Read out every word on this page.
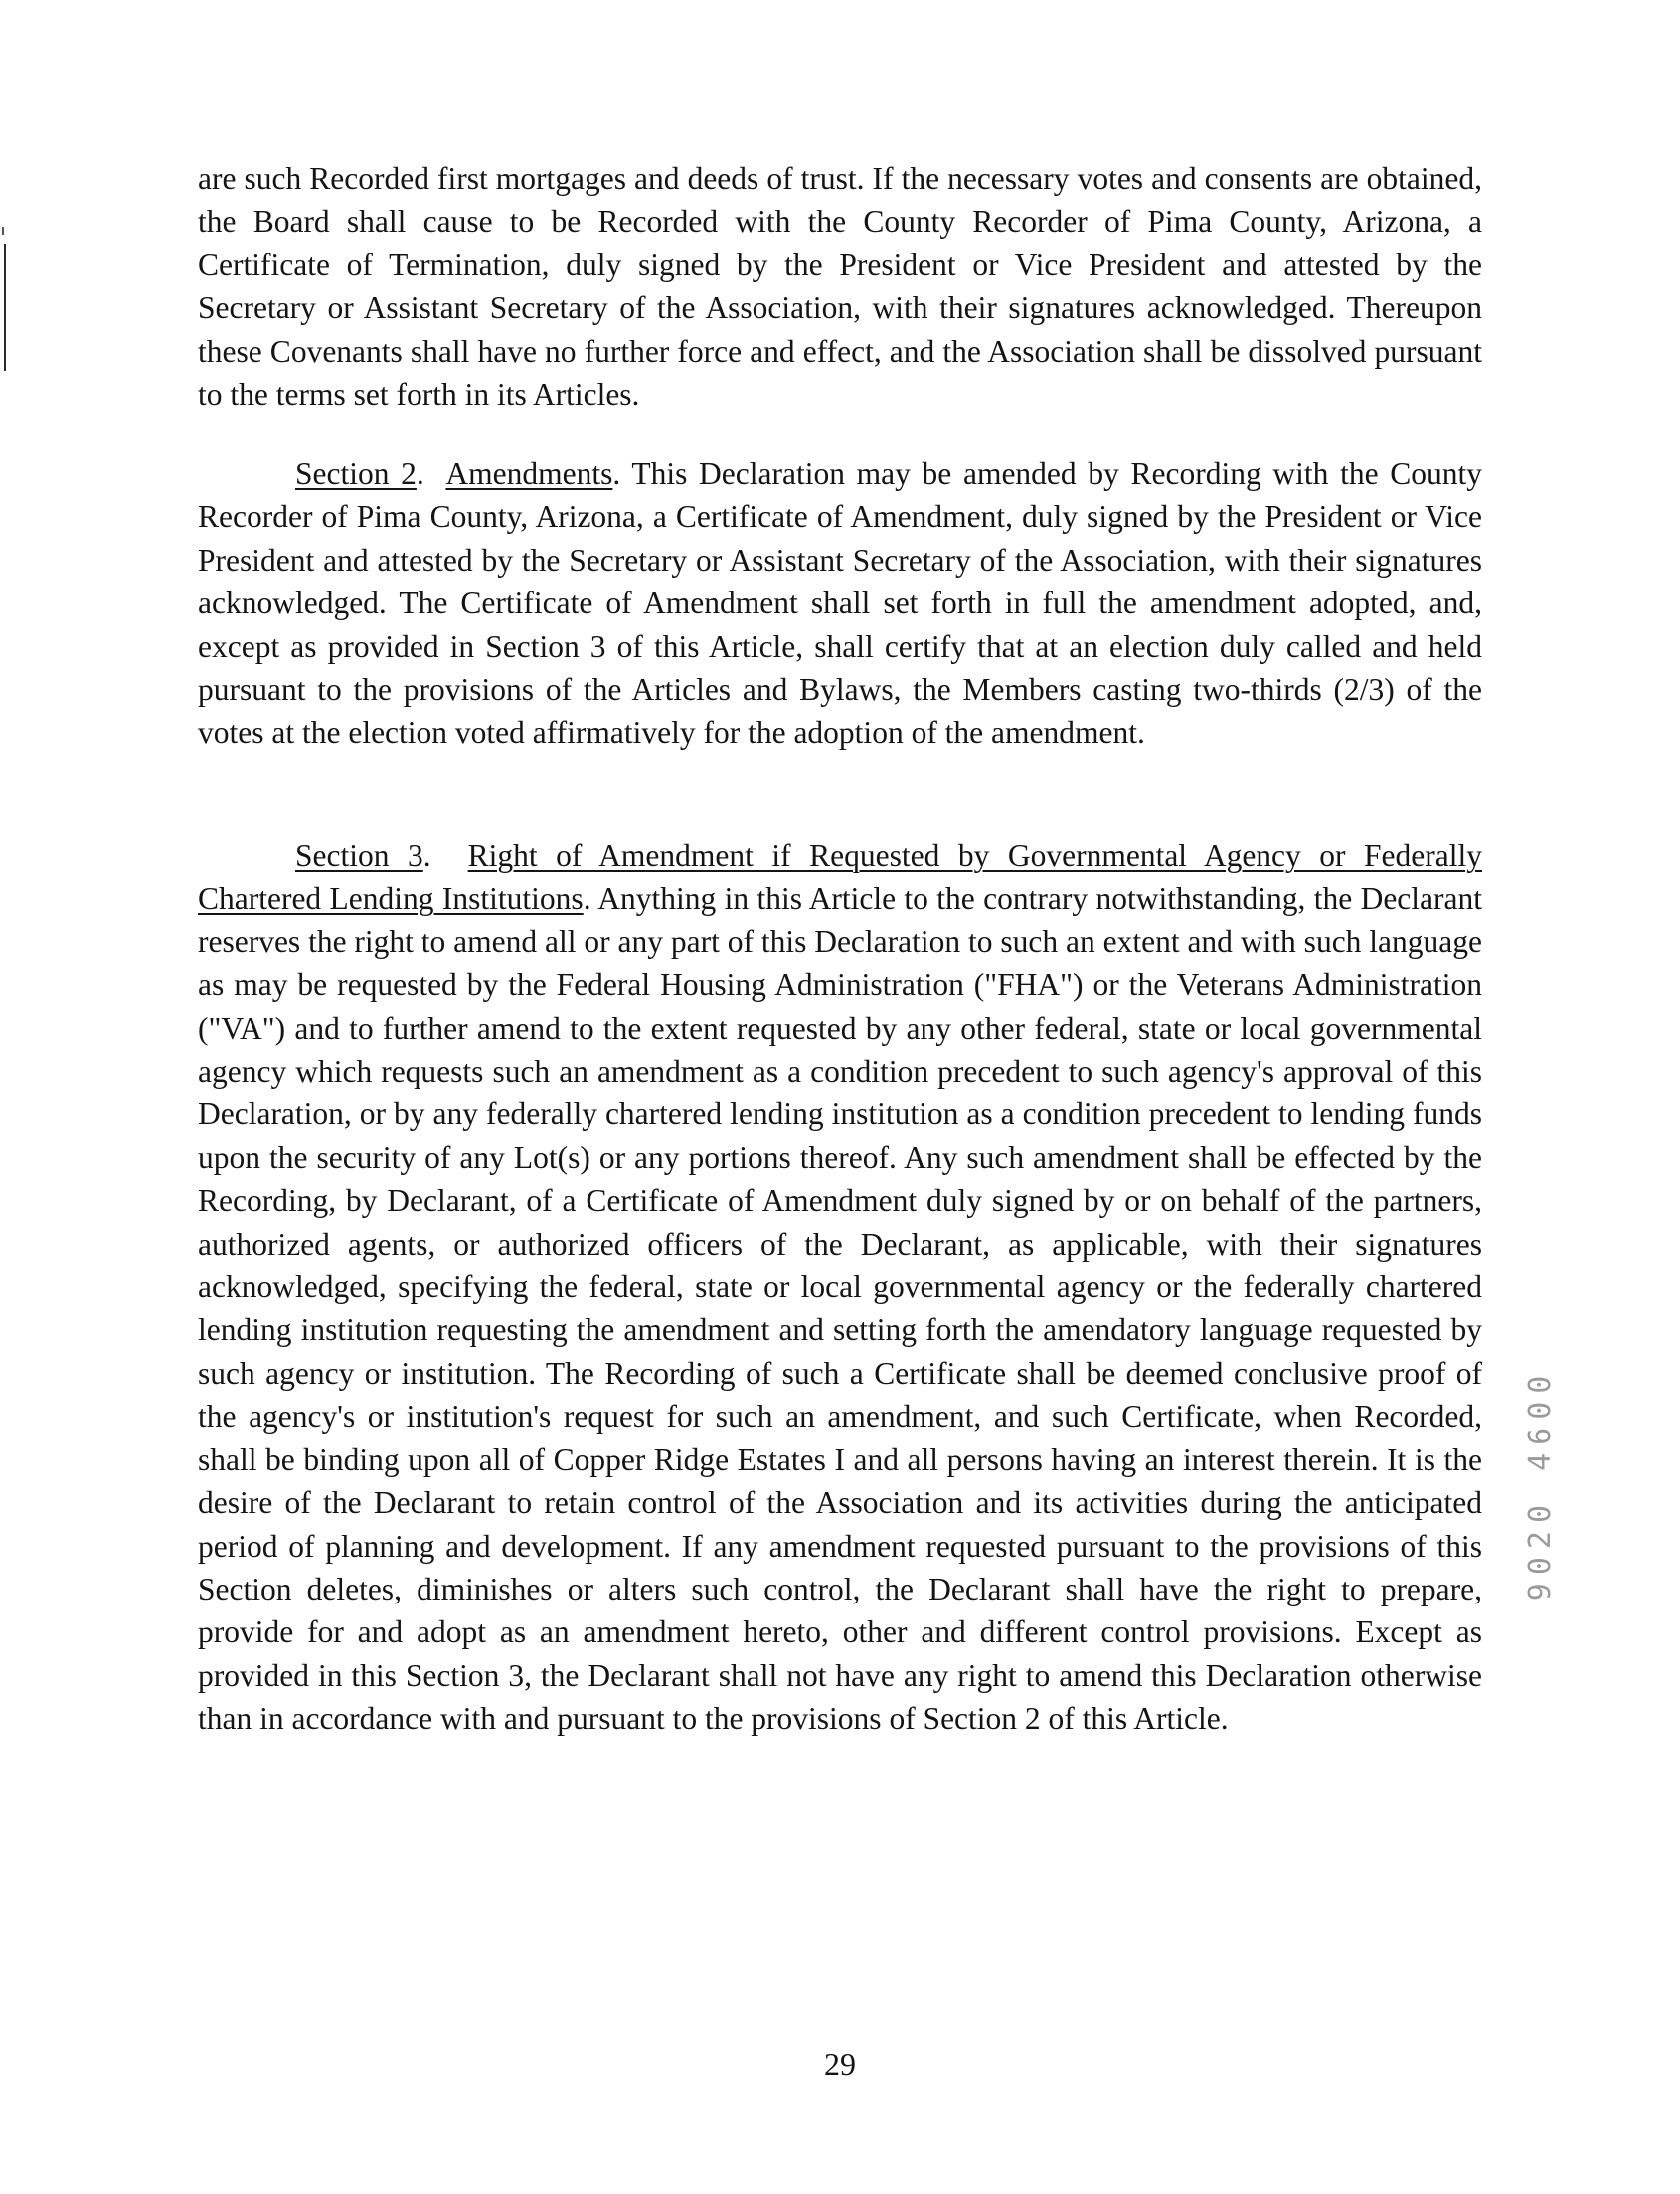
are such Recorded first mortgages and deeds of trust. If the necessary votes and consents are obtained, the Board shall cause to be Recorded with the County Recorder of Pima County, Arizona, a Certificate of Termination, duly signed by the President or Vice President and attested by the Secretary or Assistant Secretary of the Association, with their signatures acknowledged. Thereupon these Covenants shall have no further force and effect, and the Association shall be dissolved pursuant to the terms set forth in its Articles.

Section 2.  Amendments. This Declaration may be amended by Recording with the County Recorder of Pima County, Arizona, a Certificate of Amendment, duly signed by the President or Vice President and attested by the Secretary or Assistant Secretary of the Association, with their signatures acknowledged. The Certificate of Amendment shall set forth in full the amendment adopted, and, except as provided in Section 3 of this Article, shall certify that at an election duly called and held pursuant to the provisions of the Articles and Bylaws, the Members casting two-thirds (2/3) of the votes at the election voted affirmatively for the adoption of the amendment.

Section 3.  Right of Amendment if Requested by Governmental Agency or Federally Chartered Lending Institutions. Anything in this Article to the contrary notwithstanding, the Declarant reserves the right to amend all or any part of this Declaration to such an extent and with such language as may be requested by the Federal Housing Administration ("FHA") or the Veterans Administration ("VA") and to further amend to the extent requested by any other federal, state or local governmental agency which requests such an amendment as a condition precedent to such agency's approval of this Declaration, or by any federally chartered lending institution as a condition precedent to lending funds upon the security of any Lot(s) or any portions thereof. Any such amendment shall be effected by the Recording, by Declarant, of a Certificate of Amendment duly signed by or on behalf of the partners, authorized agents, or authorized officers of the Declarant, as applicable, with their signatures acknowledged, specifying the federal, state or local governmental agency or the federally chartered lending institution requesting the amendment and setting forth the amendatory language requested by such agency or institution. The Recording of such a Certificate shall be deemed conclusive proof of the agency's or institution's request for such an amendment, and such Certificate, when Recorded, shall be binding upon all of Copper Ridge Estates I and all persons having an interest therein. It is the desire of the Declarant to retain control of the Association and its activities during the anticipated period of planning and development. If any amendment requested pursuant to the provisions of this Section deletes, diminishes or alters such control, the Declarant shall have the right to prepare, provide for and adopt as an amendment hereto, other and different control provisions. Except as provided in this Section 3, the Declarant shall not have any right to amend this Declaration otherwise than in accordance with and pursuant to the provisions of Section 2 of this Article.

9020 4600
29
